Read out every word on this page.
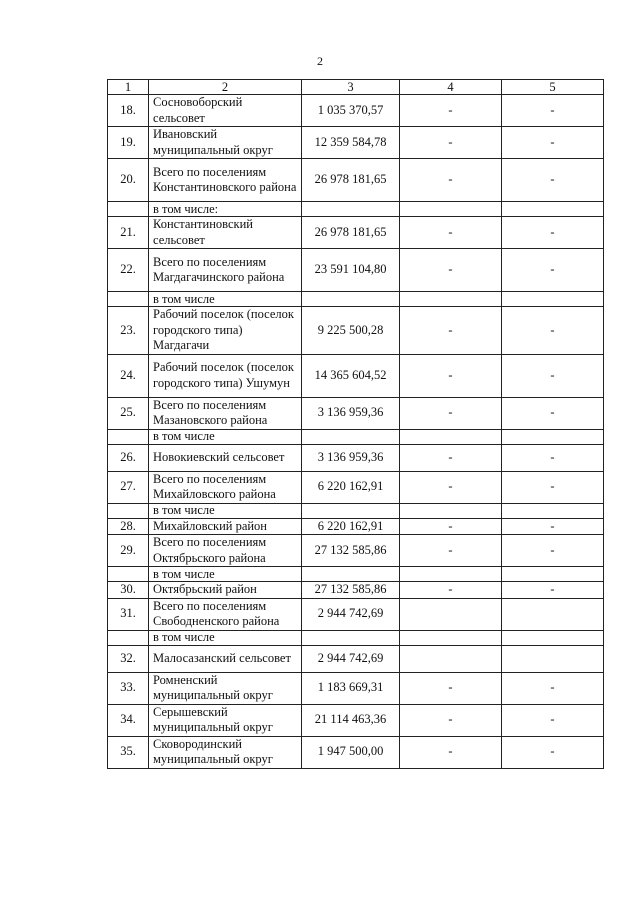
2
1	2	3	4	5
18.	Сосновоборский сельсовет	1 035 370,57	-	-
19.	Ивановский муниципальный округ	12 359 584,78	-	-
20.	Всего по поселениям Константиновского района	26 978 181,65	-	-
	в том числе:			
21.	Константиновский сельсовет	26 978 181,65	-	-
22.	Всего по поселениям Магдагачинского района	23 591 104,80	-	-
	в том числе			
23.	Рабочий поселок (поселок городского типа) Магдагачи	9 225 500,28	-	-
24.	Рабочий поселок (поселок городского типа) Ушумун	14 365 604,52	-	-
25.	Всего по поселениям Мазановского района	3 136 959,36	-	-
	в том числе			
26.	Новокиевский сельсовет	3 136 959,36	-	-
27.	Всего по поселениям Михайловского района	6 220 162,91	-	-
	в том числе			
28.	Михайловский район	6 220 162,91	-	-
29.	Всего по поселениям Октябрьского района	27 132 585,86	-	-
	в том числе			
30.	Октябрьский район	27 132 585,86	-	-
31.	Всего по поселениям Свободненского района	2 944 742,69		
	в том числе			
32.	Малосазанский сельсовет	2 944 742,69		
33.	Ромненский муниципальный округ	1 183 669,31	-	-
34.	Серышевский муниципальный округ	21 114 463,36	-	-
35.	Сковородинский муниципальный округ	1 947 500,00	-	-
